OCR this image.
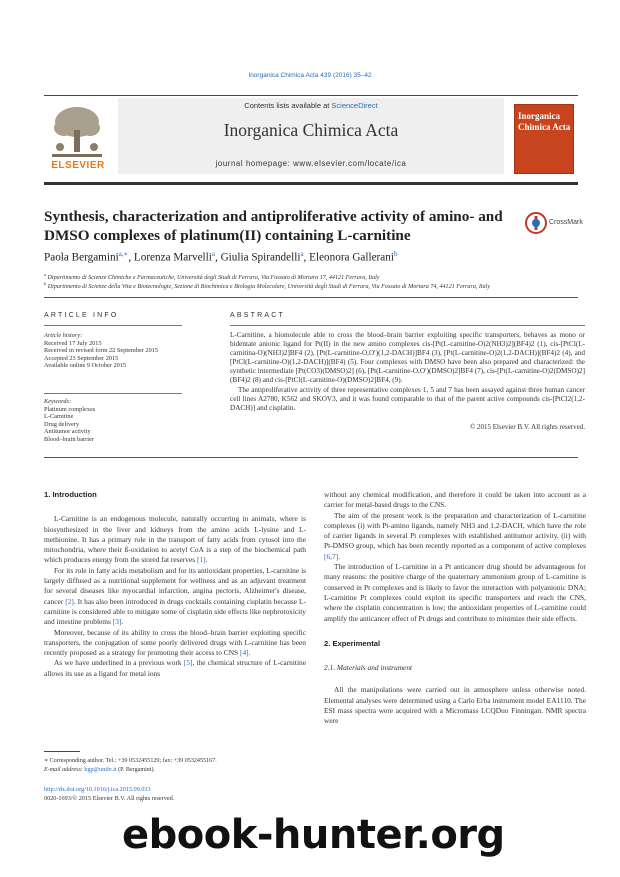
Inorganica Chimica Acta 439 (2016) 35–42
ELSEVIER
Contents lists available at ScienceDirect
Inorganica Chimica Acta
journal homepage: www.elsevier.com/locate/ica
Inorganica
Chimica Acta
Synthesis, characterization and antiproliferative activity of amino- and DMSO complexes of platinum(II) containing L-carnitine
CrossMark
Paola Bergamini$^{a,∗}$, Lorenza Marvelli$^a$, Giulia Spirandelli$^a$, Eleonora Gallerani$^b$
$^a$ Dipartimento di Scienze Chimiche e Farmaceutiche, Università degli Studi di Ferrara, Via Fossato di Mortara 17, 44121 Ferrara, Italy
$^b$ Dipartimento di Scienze della Vita e Biotecnologie, Sezione di Biochimica e Biologia Molecolare, Università degli Studi di Ferrara, Via Fossato di Mortara 74, 44121 Ferrara, Italy
ARTICLE INFO	ABSTRACT
Article history:
Received 17 July 2015
Received in revised form 22 September 2015
Accepted 23 September 2015
Available online 9 October 2015
Keywords:
Platinum complexes
L-Carnitine
Drug delivery
Antitumor activity
Blood–brain barrier

L-Carnitine, a biomolecule able to cross the blood–brain barrier exploiting specific transporters, behaves as mono or bidentate anionic ligand for Pt(II) in the new amino complexes cis-[Pt(L-carnitine-O)2(NH3)2](BF4)2 (1), cis-[PtCl(L-carnitina-O)(NH3)2]BF4 (2), [Pt(L-carnitine-O,O′)(1,2-DACH)]BF4 (3), [Pt(L-carnitine-O)2(1,2-DACH)](BF4)2 (4), and [PtCl(L-carnitine-O)(1,2-DACH)](BF4) (5). Four complexes with DMSO have been also prepared and characterized: the synthetic intermediate [Pt(CO3)(DMSO)2] (6), [Pt(L-carnitine-O,O′)(DMSO)2]BF4 (7), cis-[Pt(L-carnitine-O)2(DMSO)2](BF4)2 (8) and cis-[PtCl(L-carnitine-O)(DMSO)2]BF4, (9).

The antiproliferative activity of three representative complexes 1, 5 and 7 has been assayed against three human cancer cell lines A2780, K562 and SKOV3, and it was found comparable to that of the parent active compounds cis-[PtCl2(1,2-DACH)] and cisplatin.

© 2015 Elsevier B.V. All rights reserved.
1. Introduction

L-Carnitine is an endogenous molecule, naturally occurring in animals, where is biosynthesized in the liver and kidneys from the amino acids L-lysine and L-methionine. It has a primary role in the transport of fatty acids from cytosol into the mitochondria, where their ß-oxidation to acetyl CoA is a step of the biochemical path which produces energy from the stored fat reserves [1].

For its role in fatty acids metabolism and for its antioxidant properties, L-carnitine is largely diffused as a nutritional supplement for wellness and as an adjuvant treatment for several diseases like myocardial infarction, angina pectoris, Alzheimer's disease, cancer [2]. It has also been introduced in drugs cocktails containing cisplatin because L-carnitine is considered able to mitigate some of cisplatin side effects like nephrotoxicity and intestine problems [3].

Moreover, because of its ability to cross the blood–brain barrier exploiting specific transporters, the conjugation of some poorly delivered drugs with L-carnitine has been recently proposed as a strategy for promoting their access to CNS [4].

As we have underlined in a previous work [5], the chemical structure of L-carnitine allows its use as a ligand for metal ions

without any chemical modification, and therefore it could be taken into account as a carrier for metal-based drugs to the CNS.

The aim of the present work is the preparation and characterization of L-carnitine complexes (i) with Pt-amino ligands, namely NH3 and 1,2-DACH, which have the role of carrier ligands in several Pt complexes with established antitumor activity, (ii) with Pt-DMSO group, which has been recently reported as a component of active complexes [6,7].

The introduction of L-carnitine in a Pt anticancer drug should be advantageous for many reasons: the positive charge of the quaternary ammonium group of L-carnitine is conserved in Pt complexes and is likely to favor the interaction with polyanionic DNA; L-carnitine Pt complexes could exploit its specific transporters and reach the CNS, where the cisplatin concentration is low; the antioxidant properties of L-carnitine could amplify the anticancer effect of Pt drugs and contribute to minimize their side effects.

2. Experimental
2.1. Materials and instrument

All the manipulations were carried out in atmosphere unless otherwise noted. Elemental analyses were determined using a Carlo Erba instrument model EA1110. The ESI mass spectra were acquired with a Micromass LCQDuo Finningan. NMR spectra were

∗ Corresponding author. Tel.: +39 0532455129; fax: +39 0532455167.
E-mail address: bgp@unife.it (P. Bergamini).
http://dx.doi.org/10.1016/j.ica.2015.09.033
0020-1693/© 2015 Elsevier B.V. All rights reserved.
ebook-hunter.org
